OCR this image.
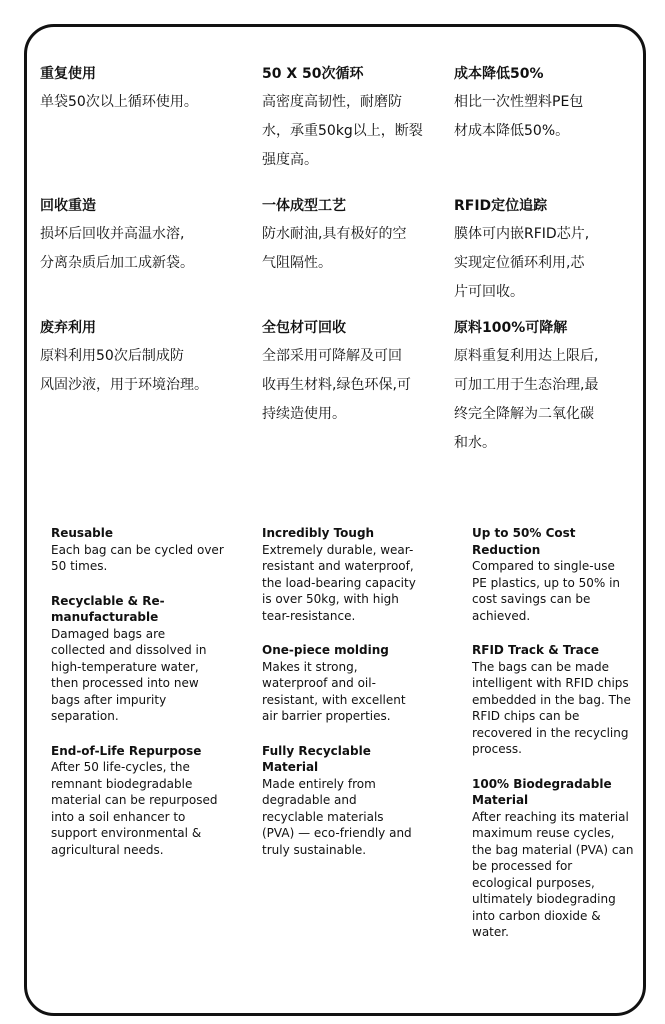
重复使用
单袋50次以上循环使用。
50 X 50次循环
高密度高韧性，耐磨防
水，承重50kg以上，断裂
强度高。
成本降低50%
相比一次性塑料PE包
材成本降低50%。
回收重造
损坏后回收并高温水溶,
分离杂质后加工成新袋。
一体成型工艺
防水耐油,具有极好的空
气阻隔性。
RFID定位追踪
膜体可内嵌RFID芯片,
实现定位循环利用,芯
片可回收。
废弃利用
原料利用50次后制成防
风固沙液，用于环境治理。
全包材可回收
全部采用可降解及可回
收再生材料,绿色环保,可
持续造使用。
原料100%可降解
原料重复利用达上限后,
可加工用于生态治理,最
终完全降解为二氧化碳
和水。
Reusable
Each bag can be cycled over
50 times.
Recyclable & Re-
manufacturable
Damaged bags are
collected and dissolved in
high-temperature water,
then processed into new
bags after impurity
separation.
End-of-Life Repurpose
After 50 life-cycles, the
remnant biodegradable
material can be repurposed
into a soil enhancer to
support environmental &
agricultural needs.
Incredibly Tough
Extremely durable, wear-
resistant and waterproof,
the load-bearing capacity
is over 50kg, with high
tear-resistance.
One-piece molding
Makes it strong,
waterproof and oil-
resistant, with excellent
air barrier properties.
Fully Recyclable
Material
Made entirely from
degradable and
recyclable materials
(PVA) — eco-friendly and
truly sustainable.
Up to 50% Cost
Reduction
Compared to single-use
PE plastics, up to 50% in
cost savings can be
achieved.
RFID Track & Trace
The bags can be made
intelligent with RFID chips
embedded in the bag. The
RFID chips can be
recovered in the recycling
process.
100% Biodegradable
Material
After reaching its material
maximum reuse cycles,
the bag material (PVA) can
be processed for
ecological purposes,
ultimately biodegrading
into carbon dioxide &
water.
